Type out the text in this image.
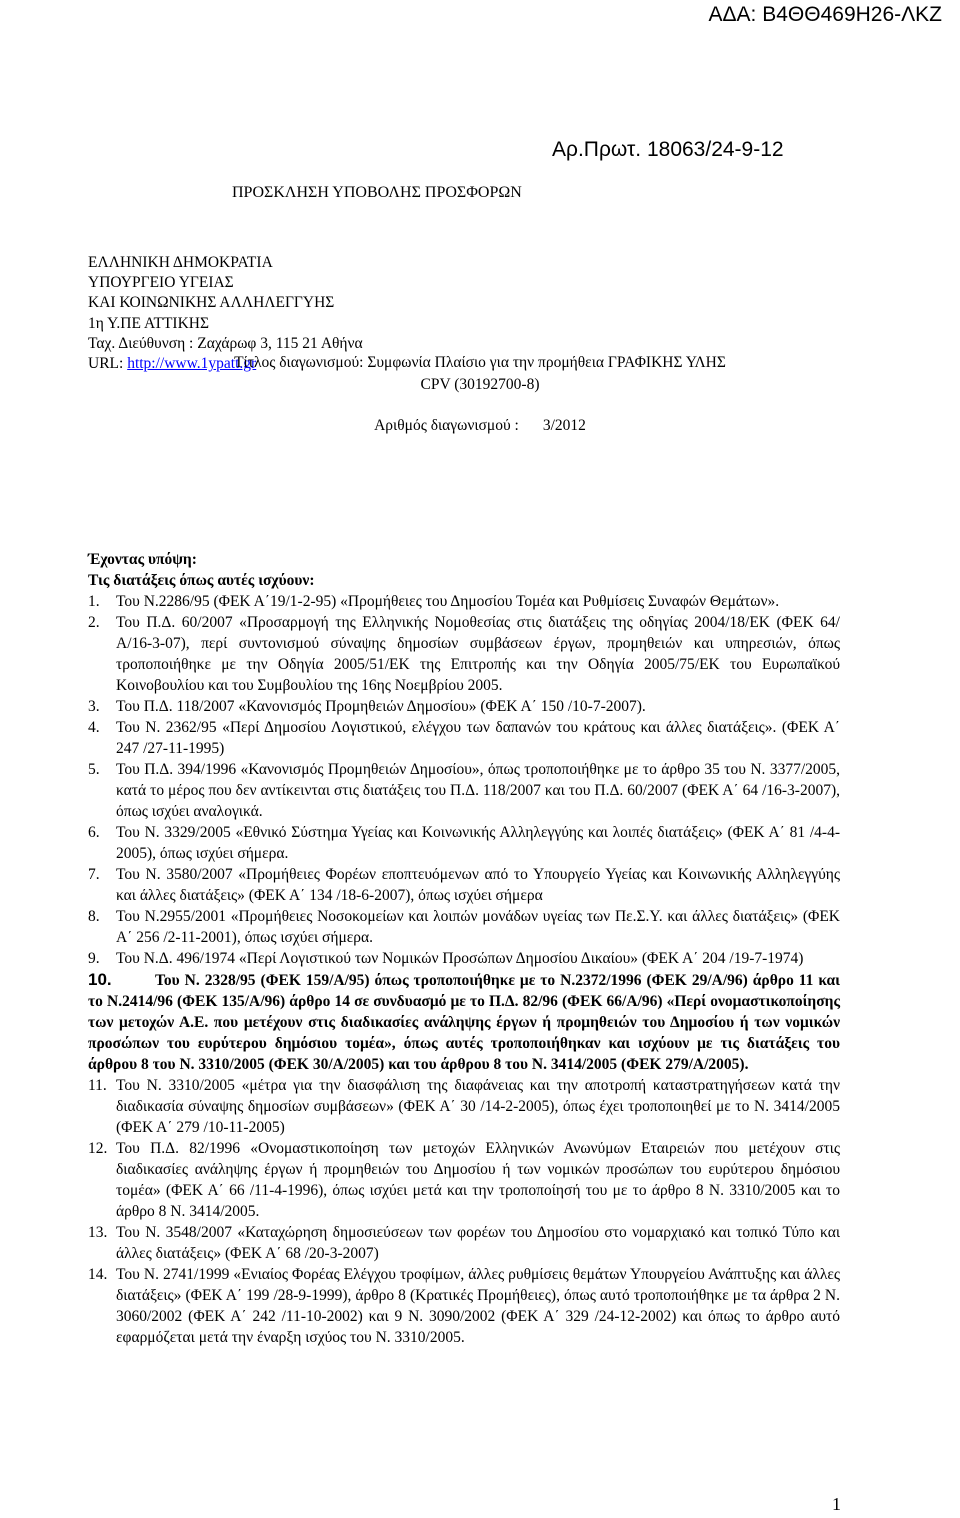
ΑΔΑ: Β4ΘΘ469Η26-ΛΚΖ
Αρ.Πρωτ. 18063/24-9-12
ΠΡΟΣΚΛΗΣΗ ΥΠΟΒΟΛΗΣ ΠΡΟΣΦΟΡΩΝ
ΕΛΛΗΝΙΚΗ ΔΗΜΟΚΡΑΤΙΑ
ΥΠΟΥΡΓΕΙΟ ΥΓΕΙΑΣ
ΚΑΙ ΚΟΙΝΩΝΙΚΗΣ ΑΛΛΗΛΕΓΓΥΗΣ
1η Υ.ΠΕ ΑΤΤΙΚΗΣ
Ταχ. Διεύθυνση : Ζαχάρωφ 3, 115 21 Αθήνα
URL: http://www.1ypatt.gr
Τίτλος διαγωνισμού: Συμφωνία Πλαίσιο για την προμήθεια ΓΡΑΦΙΚΗΣ ΥΛΗΣ
CPV (30192700-8)
Αριθμός διαγωνισμού : 3/2012
Έχοντας υπόψη:
Τις διατάξεις όπως αυτές ισχύουν:
1. Του Ν.2286/95 (ΦΕΚ Α΄19/1-2-95) «Προμήθειες του Δημοσίου Τομέα και Ρυθμίσεις Συναφών Θεμάτων».
2. Του Π.Δ. 60/2007 «Προσαρμογή της Ελληνικής Νομοθεσίας στις διατάξεις της οδηγίας 2004/18/ΕΚ (ΦΕΚ 64/Α/16-3-07), περί συντονισμού σύναψης δημοσίων συμβάσεων έργων, προμηθειών και υπηρεσιών, όπως τροποποιήθηκε με την Οδηγία 2005/51/ΕΚ της Επιτροπής και την Οδηγία 2005/75/ΕΚ του Ευρωπαϊκού Κοινοβουλίου και του Συμβουλίου της 16ης Νοεμβρίου 2005.
3. Του Π.Δ. 118/2007 «Κανονισμός Προμηθειών Δημοσίου» (ΦΕΚ Α΄ 150 /10-7-2007).
4. Του Ν. 2362/95 «Περί Δημοσίου Λογιστικού, ελέγχου των δαπανών του κράτους και άλλες διατάξεις». (ΦΕΚ Α΄ 247 /27-11-1995)
5. Του Π.Δ. 394/1996 «Κανονισμός Προμηθειών Δημοσίου», όπως τροποποιήθηκε με το άρθρο 35 του Ν. 3377/2005, κατά το μέρος που δεν αντίκεινται στις διατάξεις του Π.Δ. 118/2007 και του Π.Δ. 60/2007 (ΦΕΚ Α΄ 64 /16-3-2007), όπως ισχύει αναλογικά.
6. Του Ν. 3329/2005 «Εθνικό Σύστημα Υγείας και Κοινωνικής Αλληλεγγύης και λοιπές διατάξεις» (ΦΕΚ Α΄ 81 /4-4-2005), όπως ισχύει σήμερα.
7. Του Ν. 3580/2007 «Προμήθειες Φορέων εποπτευόμενων από το Υπουργείο Υγείας και Κοινωνικής Αλληλεγγύης και άλλες διατάξεις» (ΦΕΚ Α΄ 134 /18-6-2007), όπως ισχύει σήμερα
8. Του Ν.2955/2001 «Προμήθειες Νοσοκομείων και λοιπών μονάδων υγείας των Πε.Σ.Υ. και άλλες διατάξεις» (ΦΕΚ Α΄ 256 /2-11-2001), όπως ισχύει σήμερα.
9. Του Ν.Δ. 496/1974 «Περί Λογιστικού των Νομικών Προσώπων Δημοσίου Δικαίου» (ΦΕΚ Α΄ 204 /19-7-1974)
10.	Του Ν. 2328/95 (ΦΕΚ 159/Α/95) όπως τροποποιήθηκε με το Ν.2372/1996 (ΦΕΚ 29/Α/96) άρθρο 11 και το Ν.2414/96 (ΦΕΚ 135/Α/96) άρθρο 14 σε συνδυασμό με το Π.Δ. 82/96 (ΦΕΚ 66/Α/96) «Περί ονομαστικοποίησης των μετοχών Α.Ε. που μετέχουν στις διαδικασίες ανάληψης έργων ή προμηθειών του Δημοσίου ή των νομικών προσώπων του ευρύτερου δημόσιου τομέα», όπως αυτές τροποποιήθηκαν και ισχύουν με τις διατάξεις του άρθρου 8 του Ν. 3310/2005 (ΦΕΚ 30/Α/2005) και του άρθρου 8 του Ν. 3414/2005 (ΦΕΚ 279/Α/2005).
11. Του Ν. 3310/2005 «μέτρα για την διασφάλιση της διαφάνειας και την αποτροπή καταστρατηγήσεων κατά την διαδικασία σύναψης δημοσίων συμβάσεων» (ΦΕΚ Α΄ 30 /14-2-2005), όπως έχει τροποποιηθεί με το Ν. 3414/2005 (ΦΕΚ Α΄ 279 /10-11-2005)
12. Του Π.Δ. 82/1996 «Ονομαστικοποίηση των μετοχών Ελληνικών Ανωνύμων Εταιρειών που μετέχουν στις διαδικασίες ανάληψης έργων ή προμηθειών του Δημοσίου ή των νομικών προσώπων του ευρύτερου δημόσιου τομέα» (ΦΕΚ Α΄ 66 /11-4-1996), όπως ισχύει μετά και την τροποποίησή του με το άρθρο 8 Ν. 3310/2005 και το άρθρο 8 Ν. 3414/2005.
13. Του Ν. 3548/2007 «Καταχώρηση δημοσιεύσεων των φορέων του Δημοσίου στο νομαρχιακό και τοπικό Τύπο και άλλες διατάξεις» (ΦΕΚ Α΄ 68 /20-3-2007)
14. Του Ν. 2741/1999 «Ενιαίος Φορέας Ελέγχου τροφίμων, άλλες ρυθμίσεις θεμάτων Υπουργείου Ανάπτυξης και άλλες διατάξεις» (ΦΕΚ Α΄ 199 /28-9-1999), άρθρο 8 (Κρατικές Προμήθειες), όπως αυτό τροποποιήθηκε με τα άρθρα 2 Ν. 3060/2002 (ΦΕΚ Α΄ 242 /11-10-2002) και 9 Ν. 3090/2002 (ΦΕΚ Α΄ 329 /24-12-2002) και όπως το άρθρο αυτό εφαρμόζεται μετά την έναρξη ισχύος του Ν. 3310/2005.
1
